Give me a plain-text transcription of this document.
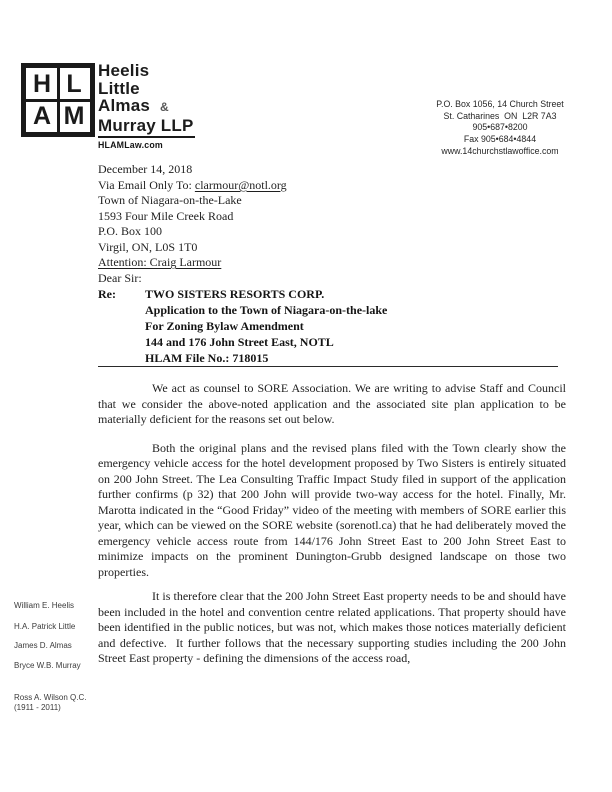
H L
A M
Heelis
Little
Almas &
Murray LLP
HLAMLaw.com
P.O. Box 1056, 14 Church Street
St. Catharines  ON  L2R 7A3
905•687•8200
Fax 905•684•4844
www.14churchstlawoffice.com
William E. Heelis
H.A. Patrick Little
James D. Almas
Bryce W.B. Murray
Ross A. Wilson Q.C.
(1911 - 2011)

December 14, 2018

Via Email Only To: clarmour@notl.org

Town of Niagara-on-the-Lake
1593 Four Mile Creek Road
P.O. Box 100
Virgil, ON, L0S 1T0

Attention: Craig Larmour

Dear Sir:

Re:	TWO SISTERS RESORTS CORP.
Application to the Town of Niagara-on-the-lake
For Zoning Bylaw Amendment
144 and 176 John Street East, NOTL
HLAM File No.: 718015

We act as counsel to SORE Association. We are writing to advise Staff and Council that we consider the above-noted application and the associated site plan application to be materially deficient for the reasons set out below.

Both the original plans and the revised plans filed with the Town clearly show the emergency vehicle access for the hotel development proposed by Two Sisters is entirely situated on 200 John Street. The Lea Consulting Traffic Impact Study filed in support of the application further confirms (p 32) that 200 John will provide two-way access for the hotel. Finally, Mr. Marotta indicated in the “Good Friday” video of the meeting with members of SORE earlier this year, which can be viewed on the SORE website (sorenotl.ca) that he had deliberately moved the emergency vehicle access route from 144/176 John Street East to 200 John Street East to minimize impacts on the prominent Dunington-Grubb designed landscape on those two properties.

It is therefore clear that the 200 John Street East property needs to be and should have been included in the hotel and convention centre related applications. That property should have been identified in the public notices, but was not, which makes those notices materially deficient and defective.  It further follows that the necessary supporting studies including the 200 John Street East property - defining the dimensions of the access road,
